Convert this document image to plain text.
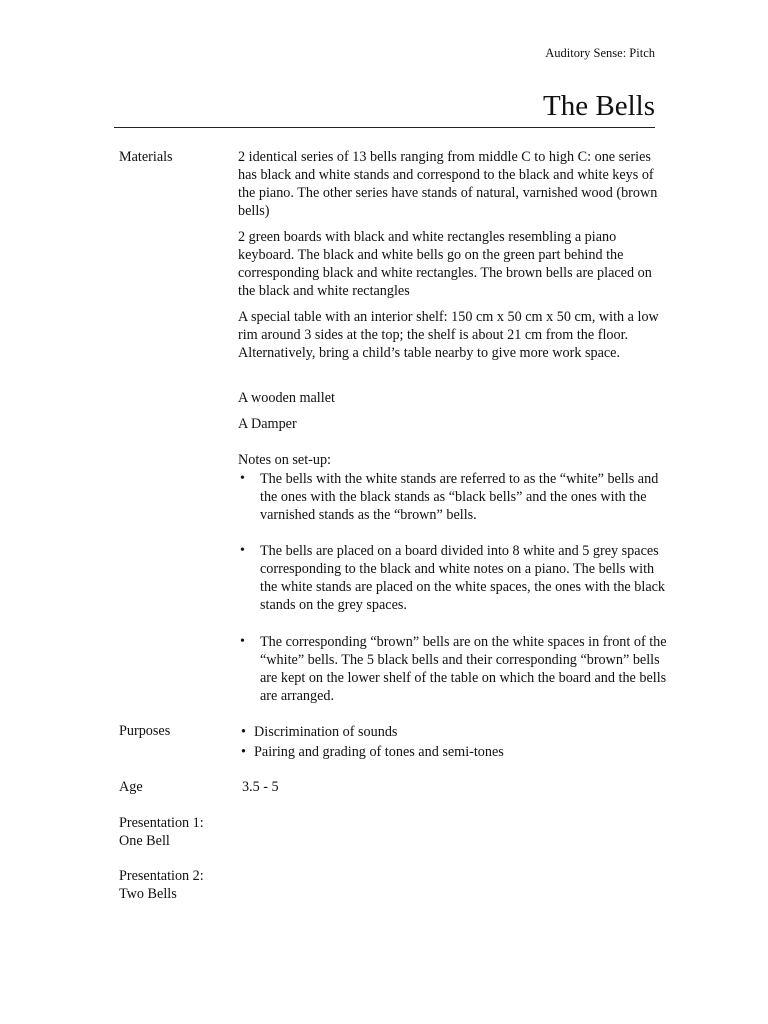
Auditory Sense: Pitch
The Bells
Materials	2 identical series of 13 bells ranging from middle C to high C: one series has black and white stands and correspond to the black and white keys of the piano. The other series have stands of natural, varnished wood (brown bells)

2 green boards with black and white rectangles resembling a piano keyboard. The black and white bells go on the green part behind the corresponding black and white rectangles. The brown bells are placed on the black and white rectangles

A special table with an interior shelf: 150 cm x 50 cm x 50 cm, with a low rim around 3 sides at the top; the shelf is about 21 cm from the floor. Alternatively, bring a child’s table nearby to give more work space.

A wooden mallet

A Damper

Notes on set-up:
• The bells with the white stands are referred to as the “white” bells and the ones with the black stands as “black bells” and the ones with the varnished stands as the “brown” bells.
• The bells are placed on a board divided into 8 white and 5 grey spaces corresponding to the black and white notes on a piano. The bells with the white stands are placed on the white spaces, the ones with the black stands on the grey spaces.
• The corresponding “brown” bells are on the white spaces in front of the “white” bells. The 5 black bells and their corresponding “brown” bells are kept on the lower shelf of the table on which the board and the bells are arranged.
Purposes	• Discrimination of sounds
• Pairing and grading of tones and semi-tones
Age	3.5 - 5
Presentation 1:
One Bell
Presentation 2:
Two Bells
